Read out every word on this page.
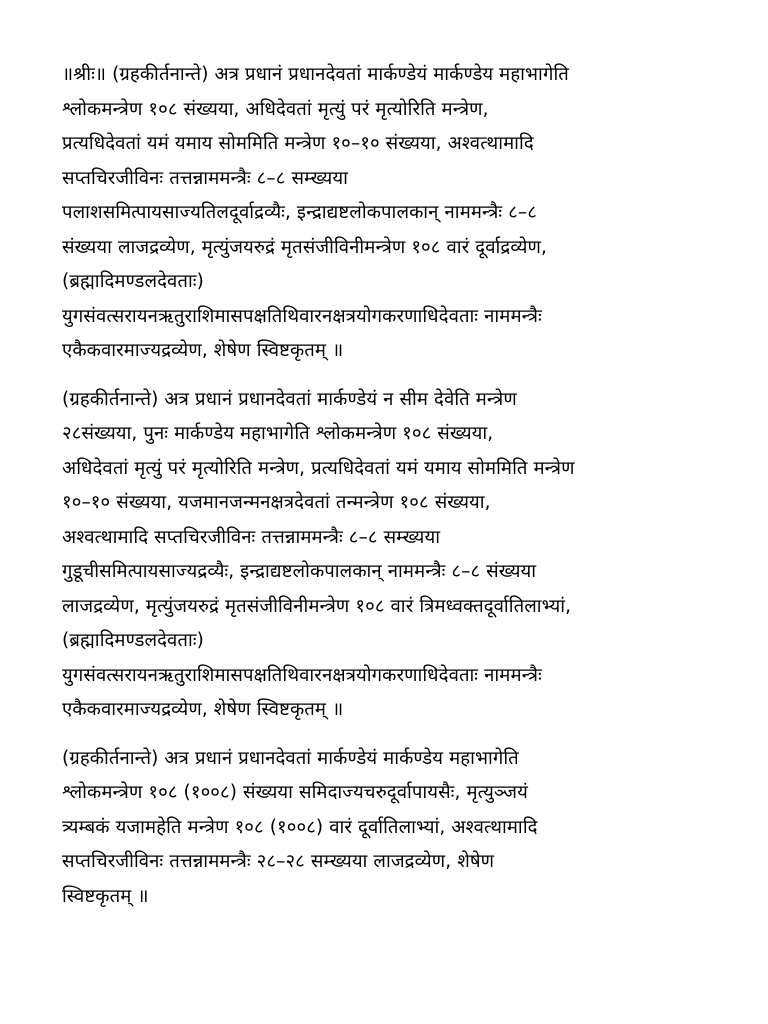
॥श्रीः॥ (ग्रहकीर्तनान्ते) अत्र प्रधानं प्रधानदेवतां मार्कण्डेयं मार्कण्डेय महाभागेति
श्लोकमन्त्रेण १०८ संख्यया, अधिदेवतां मृत्युं परं मृत्योरिति मन्त्रेण,
प्रत्यधिदेवतां यमं यमाय सोममिति मन्त्रेण १०–१० संख्यया, अश्वत्थामादि
सप्तचिरजीविनः तत्तन्नाममन्त्रैः ८–८ सम्ख्यया
पलाशसमित्पायसाज्यतिलदूर्वाद्रव्यैः, इन्द्राद्यष्टलोकपालकान् नाममन्त्रैः ८–८
संख्यया लाजद्रव्येण, मृत्युंजयरुद्रं मृतसंजीविनीमन्त्रेण १०८ वारं दूर्वाद्रव्येण,
(ब्रह्मादिमण्डलदेवताः)
युगसंवत्सरायनऋतुराशिमासपक्षतिथिवारनक्षत्रयोगकरणाधिदेवताः नाममन्त्रैः
एकैकवारमाज्यद्रव्येण, शेषेण स्विष्टकृतम् ॥
(ग्रहकीर्तनान्ते) अत्र प्रधानं प्रधानदेवतां मार्कण्डेयं न सीम देवेति मन्त्रेण
२८संख्यया, पुनः मार्कण्डेय महाभागेति श्लोकमन्त्रेण १०८ संख्यया,
अधिदेवतां मृत्युं परं मृत्योरिति मन्त्रेण, प्रत्यधिदेवतां यमं यमाय सोममिति मन्त्रेण
१०–१० संख्यया, यजमानजन्मनक्षत्रदेवतां तन्मन्त्रेण १०८ संख्यया,
अश्वत्थामादि सप्तचिरजीविनः तत्तन्नाममन्त्रैः ८–८ सम्ख्यया
गुडूचीसमित्पायसाज्यद्रव्यैः, इन्द्राद्यष्टलोकपालकान् नाममन्त्रैः ८–८ संख्यया
लाजद्रव्येण, मृत्युंजयरुद्रं मृतसंजीविनीमन्त्रेण १०८ वारं त्रिमध्वक्तदूर्वातिलाभ्यां,
(ब्रह्मादिमण्डलदेवताः)
युगसंवत्सरायनऋतुराशिमासपक्षतिथिवारनक्षत्रयोगकरणाधिदेवताः नाममन्त्रैः
एकैकवारमाज्यद्रव्येण, शेषेण स्विष्टकृतम् ॥
(ग्रहकीर्तनान्ते) अत्र प्रधानं प्रधानदेवतां मार्कण्डेयं मार्कण्डेय महाभागेति
श्लोकमन्त्रेण १०८ (१००८) संख्यया समिदाज्यचरुदूर्वापायसैः, मृत्युञ्जयं
त्र्यम्बकं यजामहेति मन्त्रेण १०८ (१००८) वारं दूर्वातिलाभ्यां, अश्वत्थामादि
सप्तचिरजीविनः तत्तन्नाममन्त्रैः २८–२८ सम्ख्यया लाजद्रव्येण, शेषेण
स्विष्टकृतम् ॥
